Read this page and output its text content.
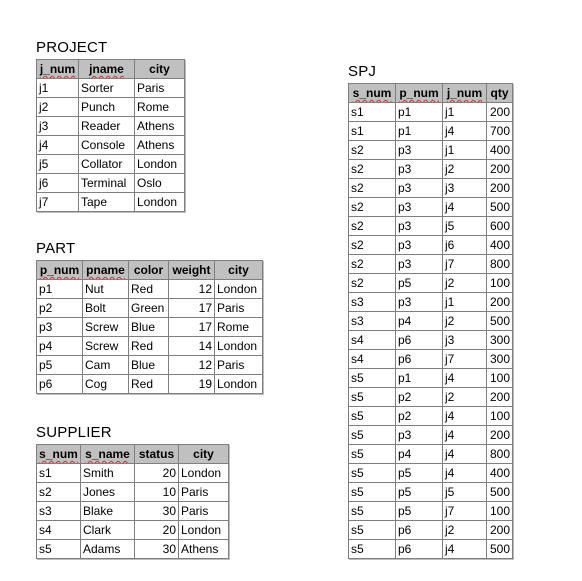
PROJECT
j_num	jname	city
j1	Sorter	Paris
j2	Punch	Rome
j3	Reader	Athens
j4	Console	Athens
j5	Collator	London
j6	Terminal	Oslo
j7	Tape	London
PART
p_num	pname	color	weight	city
p1	Nut	Red	12	London
p2	Bolt	Green	17	Paris
p3	Screw	Blue	17	Rome
p4	Screw	Red	14	London
p5	Cam	Blue	12	Paris
p6	Cog	Red	19	London
SUPPLIER
s_num	s_name	status	city
s1	Smith	20	London
s2	Jones	10	Paris
s3	Blake	30	Paris
s4	Clark	20	London
s5	Adams	30	Athens
SPJ
s_num	p_num	j_num	qty
s1	p1	j1	200
s1	p1	j4	700
s2	p3	j1	400
s2	p3	j2	200
s2	p3	j3	200
s2	p3	j4	500
s2	p3	j5	600
s2	p3	j6	400
s2	p3	j7	800
s2	p5	j2	100
s3	p3	j1	200
s3	p4	j2	500
s4	p6	j3	300
s4	p6	j7	300
s5	p1	j4	100
s5	p2	j2	200
s5	p2	j4	100
s5	p3	j4	200
s5	p4	j4	800
s5	p5	j4	400
s5	p5	j5	500
s5	p5	j7	100
s5	p6	j2	200
s5	p6	j4	500
